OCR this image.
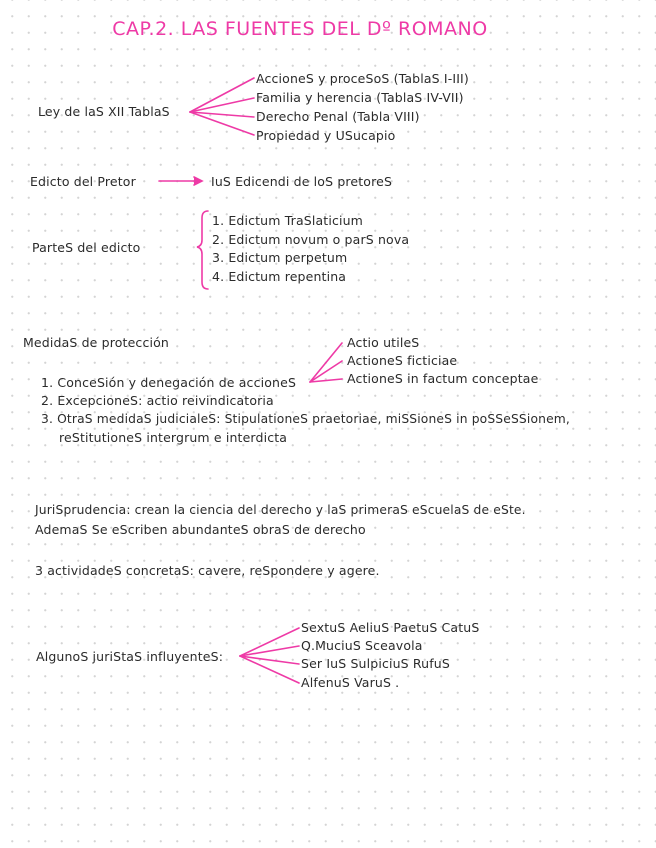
CAP.2. LAS FUENTES DEL Dº ROMANO
Ley de laS XII TablaS
AccioneS y proceSoS (TablaS I-III)
Familia y herencia (TablaS IV-VII)
Derecho Penal (Tabla VIII)
Propiedad y USucapio
Edicto del Pretor	IuS Edicendi de loS pretoreS
ParteS del edicto
1. Edictum TraSlaticium
2. Edictum novum o parS nova
3. Edictum perpetum
4. Edictum repentina
MedidaS de protección	Actio utileS
ActioneS ficticiae
ActioneS in factum conceptae
1. ConceSión y denegación de accioneS
2. ExcepcioneS: actio reivindicatoria
3. OtraS medidaS judicialeS: StipulationeS praetoriae, miSSioneS in poSSeSSionem,
reStitutioneS intergrum e interdicta
JuriSprudencia: crean la ciencia del derecho y laS primeraS eScuelaS de eSte.
AdemaS Se eScriben abundanteS obraS de derecho
3 actividadeS concretaS: cavere, reSpondere y agere.
AlgunoS juriStaS influyenteS:
SextuS AeliuS PaetuS CatuS
Q.MuciuS Sceavola
Ser IuS SulpiciuS RufuS
AlfenuS VaruS .
